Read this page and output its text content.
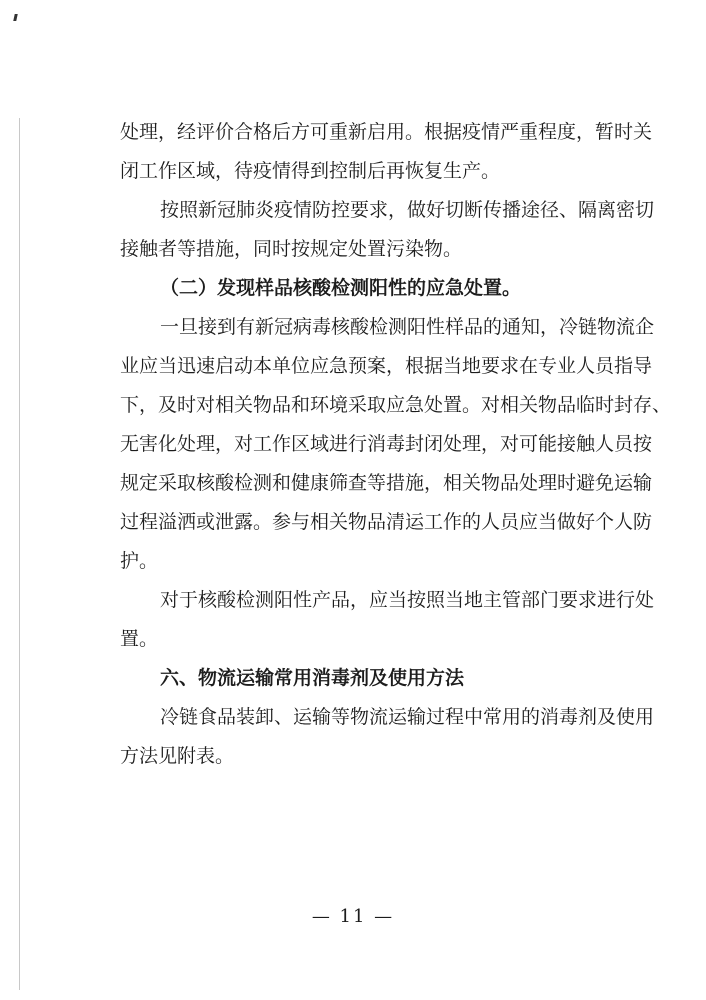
处理，经评价合格后方可重新启用。根据疫情严重程度，暂时关
闭工作区域，待疫情得到控制后再恢复生产。
按照新冠肺炎疫情防控要求，做好切断传播途径、隔离密切
接触者等措施，同时按规定处置污染物。
（二）发现样品核酸检测阳性的应急处置。
一旦接到有新冠病毒核酸检测阳性样品的通知，冷链物流企
业应当迅速启动本单位应急预案，根据当地要求在专业人员指导
下，及时对相关物品和环境采取应急处置。对相关物品临时封存、
无害化处理，对工作区域进行消毒封闭处理，对可能接触人员按
规定采取核酸检测和健康筛查等措施，相关物品处理时避免运输
过程溢洒或泄露。参与相关物品清运工作的人员应当做好个人防
护。
对于核酸检测阳性产品，应当按照当地主管部门要求进行处
置。
六、物流运输常用消毒剂及使用方法
冷链食品装卸、运输等物流运输过程中常用的消毒剂及使用
方法见附表。
— 11 —
